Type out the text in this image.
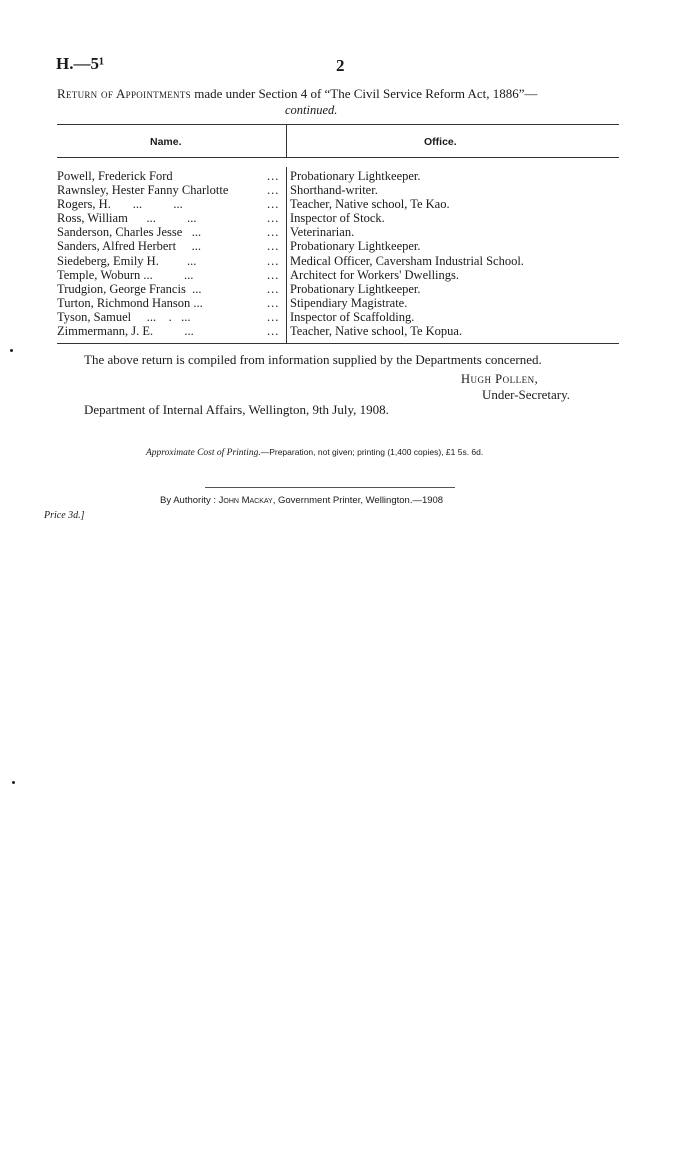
H.—5¹	2
Return of Appointments made under Section 4 of “The Civil Service Reform Act, 1886”—
continued.
Name.	Office.
Powell, Frederick Ford	... Probationary Lightkeeper.
Rawnsley, Hester Fanny Charlotte	... Shorthand-writer.
Rogers, H.       ...          ...	... Teacher, Native school, Te Kao.
Ross, William      ...          ...	... Inspector of Stock.
Sanderson, Charles Jesse   ...	... Veterinarian.
Sanders, Alfred Herbert     ...	... Probationary Lightkeeper.
Siedeberg, Emily H.         ...	... Medical Officer, Caversham Industrial School.
Temple, Woburn ...          ...	... Architect for Workers' Dwellings.
Trudgion, George Francis  ...	... Probationary Lightkeeper.
Turton, Richmond Hanson ...	... Stipendiary Magistrate.
Tyson, Samuel     ...    .   ...	... Inspector of Scaffolding.
Zimmermann, J. E.          ...	... Teacher, Native school, Te Kopua.
The above return is compiled from information supplied by the Departments concerned.
Hugh Pollen,
Under-Secretary.
Department of Internal Affairs, Wellington, 9th July, 1908.
Approximate Cost of Printing.—Preparation, not given; printing (1,400 copies), £1 5s. 6d.
By Authority : John Mackay, Government Printer, Wellington.—1908
Price 3d.]
